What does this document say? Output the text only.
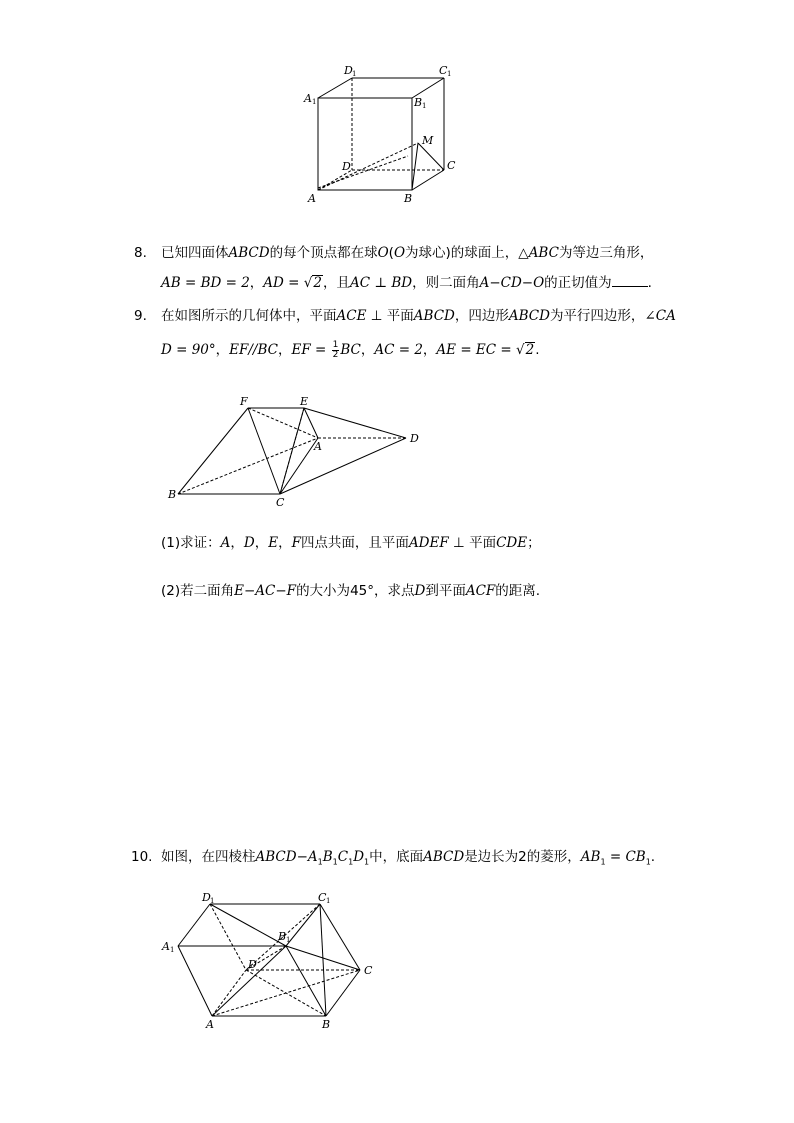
D 1	C 1
A 1	B 1
M
D	C
A	B
8. 已知四面体ABCD的每个顶点都在球O(O为球心)的球面上，△ABC为等边三角形，
AB = BD = 2，AD = √2，且AC ⊥ BD，则二面角A−CD−O的正切值为	.
9. 在如图所示的几何体中，平面ACE ⊥ 平面ABCD，四边形ABCD为平行四边形，∠CA
D = 90°，EF//BC，EF = $\frac{1}{2}$ BC，AC = 2，AE = EC = √2.
F	E
A
D
B
C
(1)求证：A，D，E，F四点共面，且平面ADEF ⊥ 平面CDE；
(2)若二面角E−AC−F的大小为45°，求点D到平面ACF的距离.
10. 如图，在四棱柱$ABCD-A_1B_1C_1D_1$中，底面ABCD是边长为2的菱形，$AB_1 = CB_1$.
D 1	C 1
A 1
B 1
D	C
A	B
